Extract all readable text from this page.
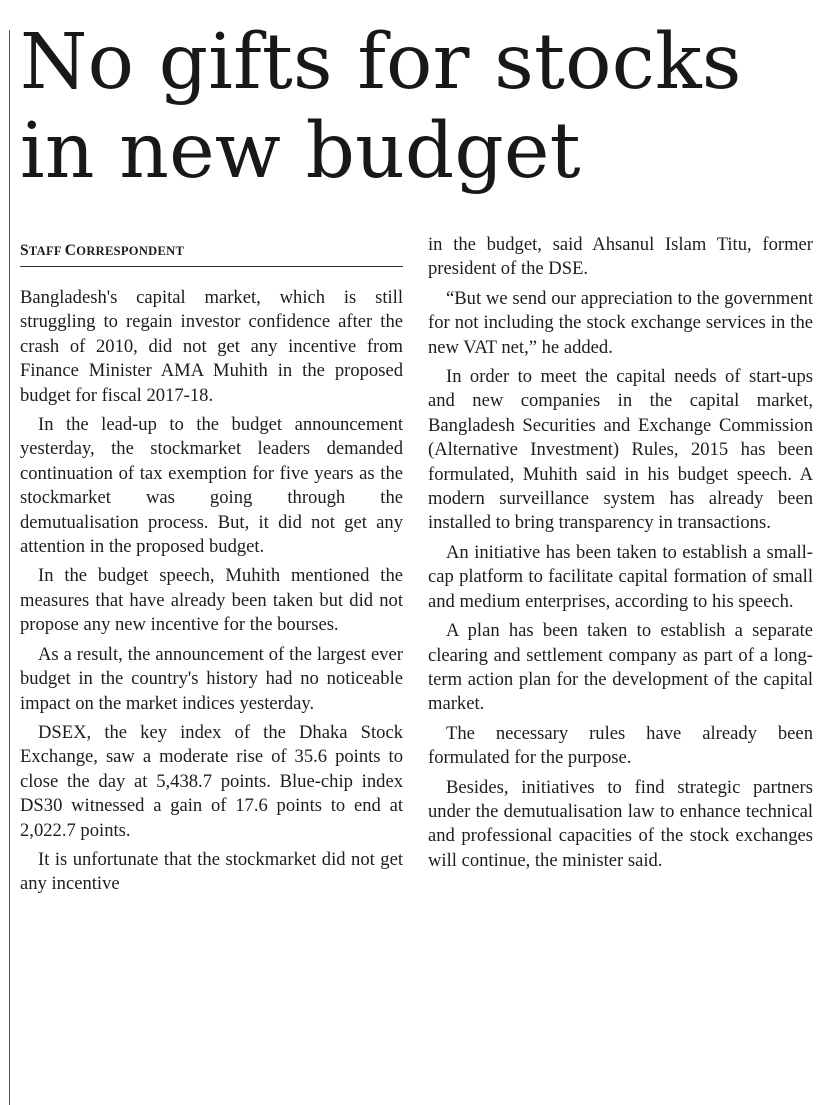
No gifts for stocks
in new budget
STAFF CORRESPONDENT

Bangladesh's capital market, which is still struggling to regain investor confidence after the crash of 2010, did not get any incentive from Finance Minister AMA Muhith in the proposed budget for fiscal 2017-18.

In the lead-up to the budget announcement yesterday, the stockmarket leaders demanded continuation of tax exemption for five years as the stockmarket was going through the demutualisation process. But, it did not get any attention in the proposed budget.

In the budget speech, Muhith mentioned the measures that have already been taken but did not propose any new incentive for the bourses.

As a result, the announcement of the largest ever budget in the country's history had no noticeable impact on the market indices yesterday.

DSEX, the key index of the Dhaka Stock Exchange, saw a moderate rise of 35.6 points to close the day at 5,438.7 points. Blue-chip index DS30 witnessed a gain of 17.6 points to end at 2,022.7 points.

It is unfortunate that the stockmarket did not get any incentive

in the budget, said Ahsanul Islam Titu, former president of the DSE.

“But we send our appreciation to the government for not including the stock exchange services in the new VAT net,” he added.

In order to meet the capital needs of start-ups and new companies in the capital market, Bangladesh Securities and Exchange Commission (Alternative Investment) Rules, 2015 has been formulated, Muhith said in his budget speech. A modern surveillance system has already been installed to bring transparency in transactions.

An initiative has been taken to establish a small-cap platform to facilitate capital formation of small and medium enterprises, according to his speech.

A plan has been taken to establish a separate clearing and settlement company as part of a long-term action plan for the development of the capital market.

The necessary rules have already been formulated for the purpose.

Besides, initiatives to find strategic partners under the demutualisation law to enhance technical and professional capacities of the stock exchanges will continue, the minister said.
